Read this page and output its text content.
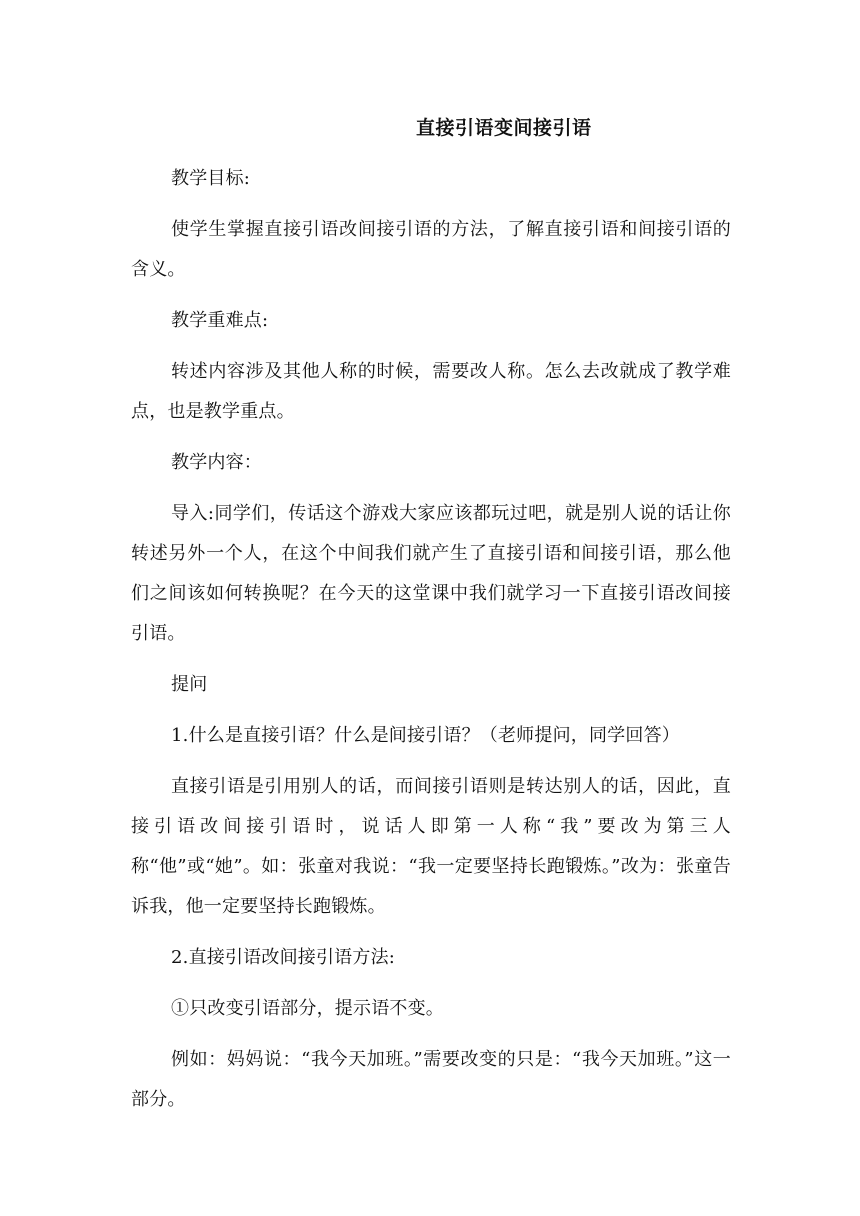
直接引语变间接引语

教学目标:

使学生掌握直接引语改间接引语的方法，了解直接引语和间接引语的含义。

教学重难点:

转述内容涉及其他人称的时候，需要改人称。怎么去改就成了教学难点，也是教学重点。

教学内容：

导入:同学们，传话这个游戏大家应该都玩过吧，就是别人说的话让你转述另外一个人，在这个中间我们就产生了直接引语和间接引语，那么他们之间该如何转换呢？在今天的这堂课中我们就学习一下直接引语改间接引语。

提问

1.什么是直接引语？什么是间接引语？（老师提问，同学回答）

直接引语是引用别人的话，而间接引语则是转达别人的话，因此，直接引语改间接引语时，说话人即第一人称“我”要改为第三人称“他”或“她”。如：张童对我说：“我一定要坚持长跑锻炼。”改为：张童告诉我，他一定要坚持长跑锻炼。

2.直接引语改间接引语方法:

①只改变引语部分，提示语不变。

例如：妈妈说：“我今天加班。”需要改变的只是：“我今天加班。”这一部分。
